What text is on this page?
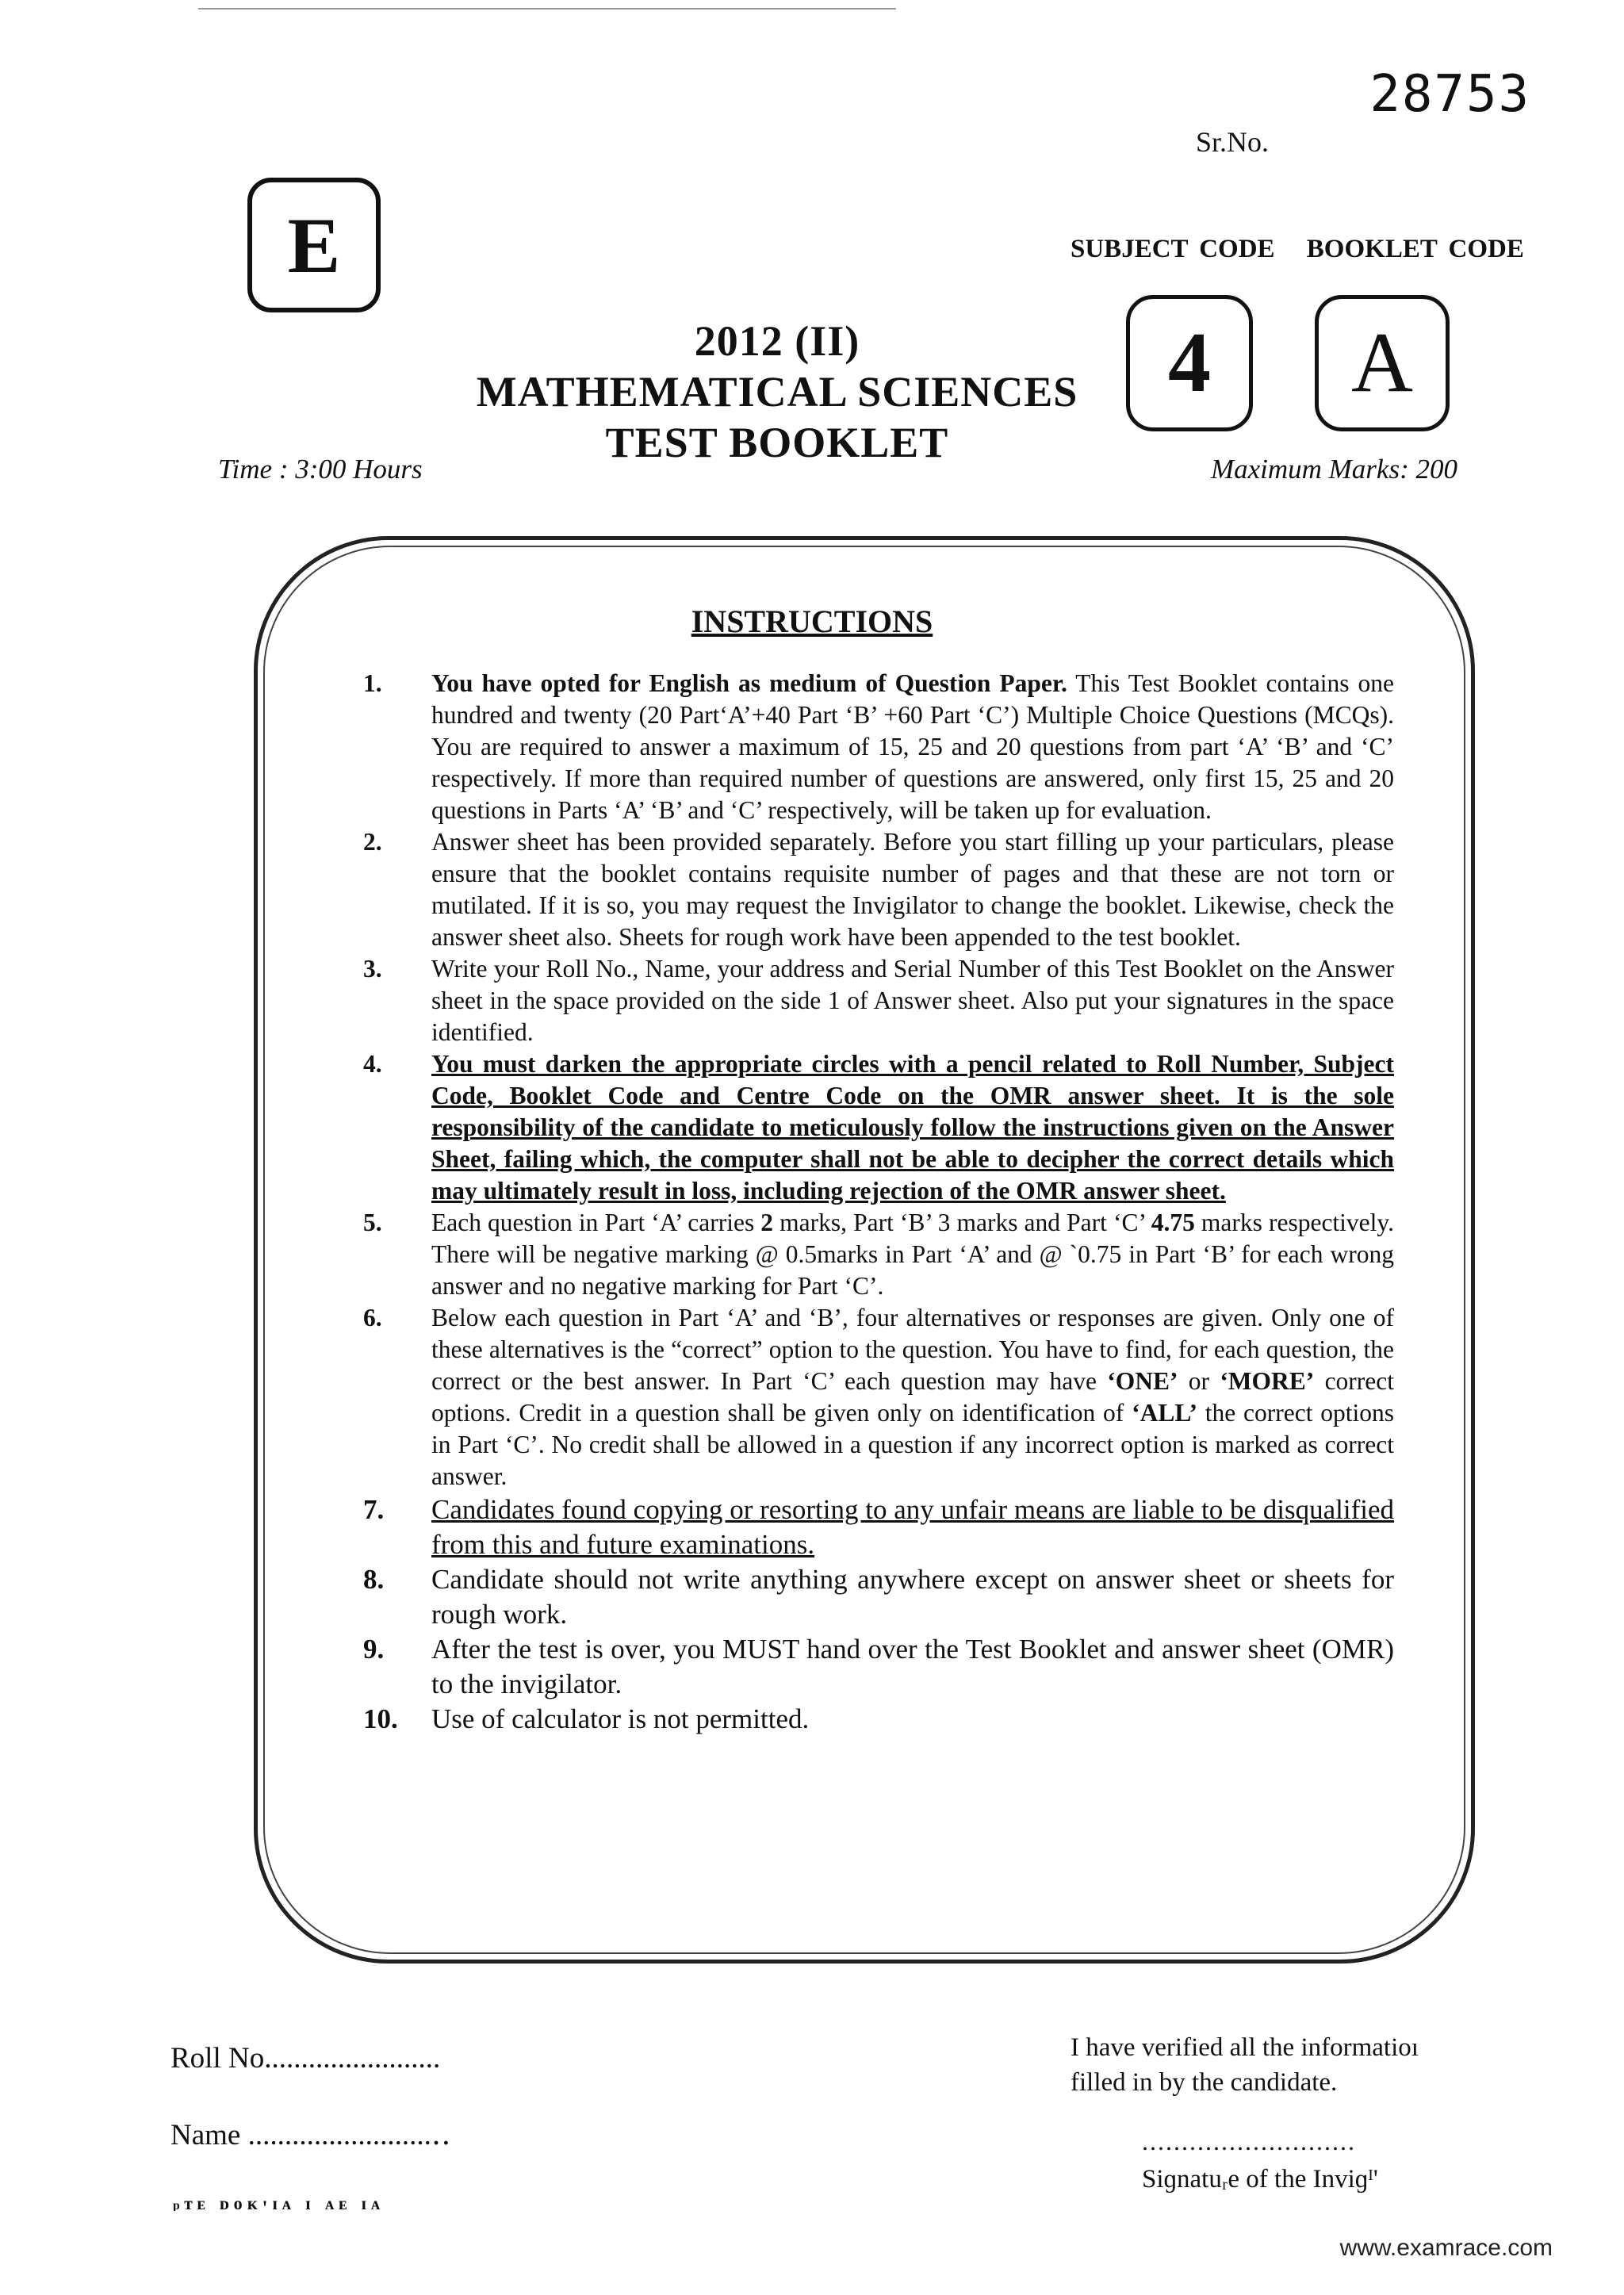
28753
Sr.No.
E	SUBJECT CODE BOOKLET CODE
4	A
2012 (II)
MATHEMATICAL SCIENCES
TEST BOOKLET
Time : 3:00 Hours	Maximum Marks: 200
INSTRUCTIONS
1. You have opted for English as medium of Question Paper. This Test Booklet contains one hundred and twenty (20 Part‘A’+40 Part ‘B’ +60 Part ‘C’) Multiple Choice Questions (MCQs). You are required to answer a maximum of 15, 25 and 20 questions from part ‘A’ ‘B’ and ‘C’ respectively. If more than required number of questions are answered, only first 15, 25 and 20 questions in Parts ‘A’ ‘B’ and ‘C’ respectively, will be taken up for evaluation.
2. Answer sheet has been provided separately. Before you start filling up your particulars, please ensure that the booklet contains requisite number of pages and that these are not torn or mutilated. If it is so, you may request the Invigilator to change the booklet. Likewise, check the answer sheet also. Sheets for rough work have been appended to the test booklet.
3. Write your Roll No., Name, your address and Serial Number of this Test Booklet on the Answer sheet in the space provided on the side 1 of Answer sheet. Also put your signatures in the space identified.
4. You must darken the appropriate circles with a pencil related to Roll Number, Subject Code, Booklet Code and Centre Code on the OMR answer sheet. It is the sole responsibility of the candidate to meticulously follow the instructions given on the Answer Sheet, failing which, the computer shall not be able to decipher the correct details which may ultimately result in loss, including rejection of the OMR answer sheet.
5. Each question in Part ‘A’ carries 2 marks, Part ‘B’ 3 marks and Part ‘C’ 4.75 marks respectively. There will be negative marking @ 0.5marks in Part ‘A’ and @ `0.75 in Part ‘B’ for each wrong answer and no negative marking for Part ‘C’.
6. Below each question in Part ‘A’ and ‘B’, four alternatives or responses are given. Only one of these alternatives is the “correct” option to the question. You have to find, for each question, the correct or the best answer. In Part ‘C’ each question may have ‘ONE’ or ‘MORE’ correct options. Credit in a question shall be given only on identification of ‘ALL’ the correct options in Part ‘C’. No credit shall be allowed in a question if any incorrect option is marked as correct answer.
7. Candidates found copying or resorting to any unfair means are liable to be disqualified from this and future examinations.
8. Candidate should not write anything anywhere except on answer sheet or sheets for rough work.
9. After the test is over, you MUST hand over the Test Booklet and answer sheet (OMR) to the invigilator.
10. Use of calculator is not permitted.
Roll No........................
Name .........................‥
I have verified all the informatioı
filled in by the candidate.
...........................
Siɡnatuᵣe of the Inviɡᴵ'
ᵖᵀᴱ ᴰᴼᴷ'ᴵᴬ ᴵ ᴬᴱ ᴵᴬ
www.examrace.com
